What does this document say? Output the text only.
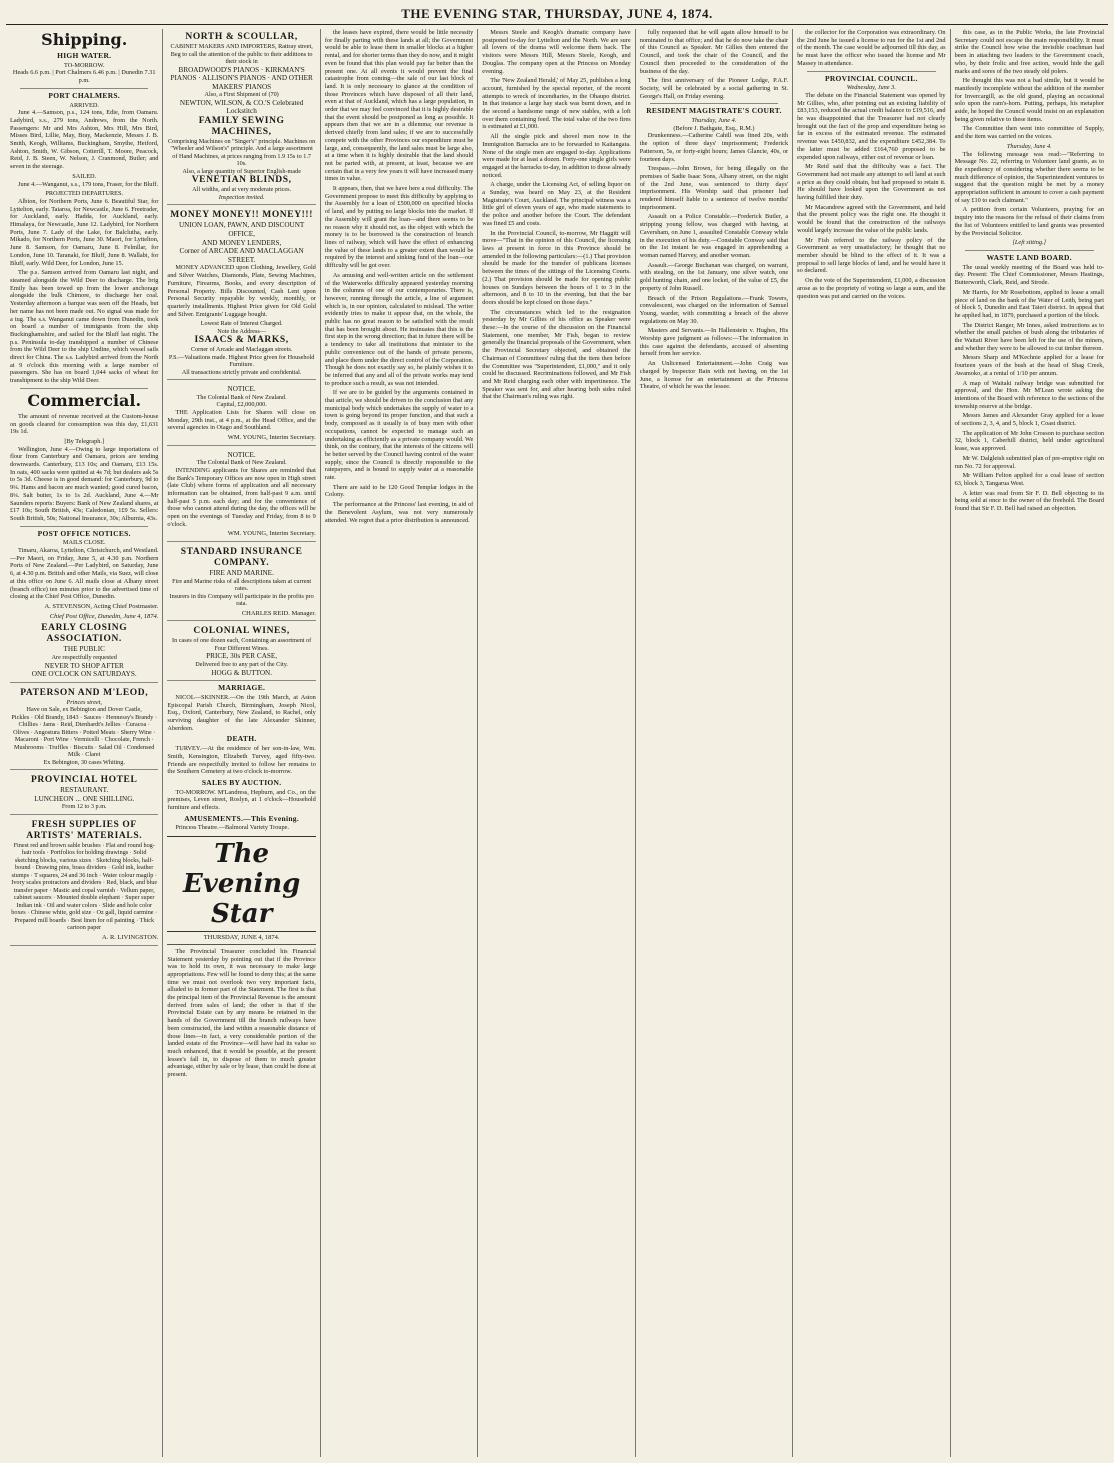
THE EVENING STAR, THURSDAY, JUNE 4, 1874.
Shipping.
HIGH WATER.
TO-MORROW.
Heads 6.6 p.m. | Port Chalmers 6.46 p.m. | Dunedin 7.31 p.m.
PORT CHALMERS.
ARRIVED.

June 4.—Samson, p.s., 124 tons, Edie, from Oamaru. Ladybird, s.s., 279 tons, Andrews, from the North. Passengers: Mr and Mrs Ashton, Mrs Hill, Mrs Bird, Misses Bird, Lillie, May, Bray, Mackenzie, Messrs J. B. Smith, Keogh, Williams, Buckingham, Smythe, Hetford, Ashton, Smith, W. Gibson, Cotterill, T. Moore, Peacock, Reid, J. B. Steen, W. Nelson, J. Cranmond, Butler; and seven in the steerage.

SAILED.

June 4.—Wanganui, s.s., 179 tons, Fraser, for the Bluff.

PROJECTED DEPARTURES.

Albion, for Northern Ports, June 6. Beautiful Star, for Lyttelton, early. Taiaroa, for Newcastle, June 6. Freetrader, for Auckland, early. Hadda, for Auckland, early. Himalaya, for Newcastle, June 12. Ladybird, for Northern Ports, June 7. Lady of the Lake, for Balclutha, early. Mikado, for Northern Ports, June 30. Maori, for Lyttelton, June 8. Samson, for Oamaru, June 8. Felmllar, for London, June 10. Taranaki, for Bluff, June 8. Wallabi, for Bluff, early. Wild Deer, for London, June 15.

The p.s. Samson arrived from Oamaru last night, and steamed alongside the Wild Deer to discharge. The brig Emily has been towed up from the lower anchorage alongside the bulk Chimore, to discharge her coal. Yesterday afternoon a barque was seen off the Heads, but her name has not been made out. No signal was made for a tug. The s.s. Wanganui came down from Dunedin, took on board a number of immigrants from the ship Buckinghamshire, and sailed for the Bluff last night. The p.s. Peninsula to-day transhipped a number of Chinese from the Wild Deer to the ship Undine, which vessel sails direct for China. The s.s. Ladybird arrived from the North at 9 o'clock this morning with a large number of passengers. She has on board 1,044 sacks of wheat for transhipment to the ship Wild Deer.

Commercial.

The amount of revenue received at the Custom-house on goods cleared for consumption was this day, £1,631 19s 1d.

[By Telegraph.]

Wellington, June 4.—Owing to large importations of flour from Canterbury and Oamaru, prices are tending downwards. Canterbury, £13 10s; and Oamaru, £13 15s. In oats, 400 sacks were quitted at 4s 7d; but dealers ask 5s to 5s 3d. Cheese is in good demand: for Canterbury, 9d to 9¼. Hams and bacon are much wanted; good cured bacon, 8¼. Salt butter, 1s to 1s 2d. Auckland, June 4.—Mr Saunders reports: Buyers: Bank of New Zealand shares, at £17 10s; South British, 43s; Caledonian, 1£9 5s. Sellers: South British, 50s; National Insurance, 30s; Alburnia, 43s.

POST OFFICE NOTICES.
MAILS CLOSE.

Timaru, Akaroa, Lyttelton, Christchurch, and Westland.—Per Maori, on Friday, June 5, at 4.30 p.m. Northern Ports of New Zealand.—Per Ladybird, on Saturday, June 6, at 4.30 p.m. British and other Mails, via Suez, will close at this office on June 6. All mails close at Albany street (branch office) ten minutes prior to the advertised time of closing at the Chief Post Office, Dunedin.

A. STEVENSON, Acting Chief Postmaster.
Chief Post Office, Dunedin, June 4, 1874.
EARLY CLOSING ASSOCIATION.
THE PUBLIC
Are respectfully requested
NEVER TO SHOP AFTER
ONE O'CLOCK ON SATURDAYS.
PATERSON AND M'LEOD,
Princes street,
Have on Sale, ex Bebington and Dover Castle,
Pickles · Old Brandy, 1843 · Sauces · Hennessy's Brandy · Chillies · Jams · Reid, Dienhardt's Jellies · Curacoa · Olives · Angostura Bitters · Potted Meats · Sherry Wine · Macaroni · Port Wine · Vermicelli · Chocolate, French · Mushrooms · Truffles · Biscuits · Salad Oil · Condensed Milk · Claret
Ex Bebington, 30 cases Whiting.
PROVINCIAL HOTEL
RESTAURANT.
LUNCHEON ... ONE SHILLING.
From 12 to 3 p.m.
FRESH SUPPLIES OF ARTISTS' MATERIALS.
Finest red and brown sable brushes · Flat and round hog-hair tools · Portfolios for holding drawings · Solid sketching blocks, various sizes · Sketching blocks, half-bound · Drawing pins, brass dividers · Gold ink, leather stumps · T squares, 24 and 36 inch · Water colour magilp · Ivory scales protractors and dividers · Red, black, and blue transfer paper · Mastic and copal varnish · Vellum paper, cabinet saucers · Mounted double elephant · Super super Indian ink · Oil and water colors · Slide and hole color boxes · Chinese white, gold size · Oz gall, liquid carmine · Prepared mill boards · Best linen for oil painting · Thick cartoon paper
A. R. LIVINGSTON.
NORTH & SCOULLAR,
CABINET MAKERS AND IMPORTERS, Rattray street,
Beg to call the attention of the public to their additions to their stock in
BROADWOOD'S PIANOS · KIRKMAN'S PIANOS · ALLISON'S PIANOS · AND OTHER MAKERS' PIANOS
Also, a First Shipment of (70)
NEWTON, WILSON, & CO.'S Celebrated Lockstitch
FAMILY SEWING MACHINES,
Comprising Machines on "Singer's" principle. Machines on "Wheeler and Wilson's" principle. And a large assortment of Hand Machines, at prices ranging from 1.9 15s to 1.7 10s.
Also, a large quantity of Superior English-made
VENETIAN BLINDS,
All widths, and at very moderate prices.
Inspection invited.
MONEY MONEY!! MONEY!!!
UNION LOAN, PAWN, AND DISCOUNT OFFICE,
AND MONEY LENDERS,
Corner of ARCADE AND MACLAGGAN STREET.

MONEY ADVANCED upon Clothing, Jewellery, Gold and Silver Watches, Diamonds, Plate, Sewing Machines, Furniture, Firearms, Books, and every description of Personal Property. Bills Discounted, Cash Lent upon Personal Security repayable by weekly, monthly, or quarterly installments. Highest Price given for Old Gold and Silver. Emigrants' Luggage bought.

Lowest Rate of Interest Charged.
Note the Address—
ISAACS & MARKS,
Corner of Arcade and Maclaggan streets.
P.S.—Valuations made. Highest Price given for Household Furniture.
All transactions strictly private and confidential.
NOTICE.
The Colonial Bank of New Zealand.
Capital, £2,000,000.

THE Application Lists for Shares will close on Monday, 29th inst., at 4 p.m., at the Head Office, and the several agencies in Otago and Southland.

WM. YOUNG, Interim Secretary.
NOTICE.
The Colonial Bank of New Zealand.

INTENDING applicants for Shares are reminded that the Bank's Temporary Offices are now open in High street (late Club) where forms of application and all necessary information can be obtained, from half-past 9 a.m. until half-past 5 p.m. each day; and for the convenience of those who cannot attend during the day, the offices will be open on the evenings of Tuesday and Friday, from 8 to 9 o'clock.

WM. YOUNG, Interim Secretary.
STANDARD INSURANCE COMPANY.
FIRE AND MARINE.
Fire and Marine risks of all descriptions taken at current rates.
Insurers in this Company will participate in the profits pro rata.
CHARLES REID. Manager.
COLONIAL WINES,
In cases of one dozen each, Containing an assortment of Four Different Wines.
PRICE, 30s PER CASE,
Delivered free to any part of the City.
HOGG & BUTTON.
MARRIAGE.

NICOL—SKINNER.—On the 19th March, at Aston Episcopal Parish Church, Birmingham, Joseph Nicol, Esq., Oxford, Canterbury, New Zealand, to Rachel, only surviving daughter of the late Alexander Skinner, Aberdeen.

DEATH.

TURVEY.—At the residence of her son-in-law, Wm. Smith, Kensington, Elizabeth Turvey, aged fifty-two. Friends are respectfully invited to follow her remains to the Southern Cemetery at two o'clock to-morrow.

SALES BY AUCTION.

TO-MORROW. M'Landress, Hepburn, and Co., on the premises, Leven street, Roslyn, at 1 o'clock—Household furniture and effects.

AMUSEMENTS.—This Evening.

Princess Theatre.—Balmoral Variety Troupe.

The Evening Star
THURSDAY, JUNE 4, 1874.

The Provincial Treasurer concluded his Financial Statement yesterday by pointing out that if the Province was to hold its own, it was necessary to make large appropriations. Few will be found to deny this; at the same time we must not overlook two very important facts, alluded to in former part of the Statement. The first is that the principal item of the Provincial Revenue is the amount derived from sales of land; the other is that if the Provincial Estate can by any means be retained in the hands of the Government till the branch railways have been constructed, the land within a reasonable distance of those lines—in fact, a very considerable portion of the landed estate of the Province—will have had its value so much enhanced, that it would be possible, at the present lessee's fall in, to dispose of them to much greater advantage, either by sale or by lease, than could be done at present.

the leases have expired, there would be little necessity for finally parting with these lands at all; the Government would be able to lease them in smaller blocks at a higher rental, and for shorter terms than they do now, and it might even be found that this plan would pay far better than the present one. At all events it would prevent the final catastrophe from coming—the sale of our last block of land. It is only necessary to glance at the condition of those Provinces which have disposed of all their land, even at that of Auckland, which has a large population, in order that we may feel convinced that it is highly desirable that the event should be postponed as long as possible. It appears then that we are in a dilemma; our revenue is derived chiefly from land sales; if we are to successfully compete with the other Provinces our expenditure must be large, and, consequently, the land sales must be large also, at a time when it is highly desirable that the land should not be parted with, at present, at least, because we are certain that in a very few years it will have increased many times in value.

It appears, then, that we have here a real difficulty. The Government propose to meet this difficulty by applying to the Assembly for a loan of £500,000 on specified blocks of land, and by putting no large blocks into the market. If the Assembly will grant the loan—and there seems to be no reason why it should not, as the object with which the money is to be borrowed is the construction of branch lines of railway, which will have the effect of enhancing the value of these lands to a greater extent than would be required by the interest and sinking fund of the loan—our difficulty will be got over.

As amusing and well-written article on the settlement of the Waterworks difficulty appeared yesterday morning in the columns of one of our contemporaries. There is, however, running through the article, a line of argument which is, in our opinion, calculated to mislead. The writer evidently tries to make it appear that, on the whole, the public has no great reason to be satisfied with the result that has been brought about. He insinuates that this is the first step in the wrong direction; that in future there will be a tendency to take all institutions that minister to the public convenience out of the hands of private persons, and place them under the direct control of the Corporation. Though he does not exactly say so, he plainly wishes it to be inferred that any and all of the private works may tend to produce such a result, as was not intended.

If we are to be guided by the arguments contained in that article, we should be driven to the conclusion that any municipal body which undertakes the supply of water to a town is going beyond its proper function, and that such a body, composed as it usually is of busy men with other occupations, cannot be expected to manage such an undertaking as efficiently as a private company would. We think, on the contrary, that the interests of the citizens will be better served by the Council having control of the water supply, since the Council is directly responsible to the ratepayers, and is bound to supply water at a reasonable rate.

There are said to be 120 Good Templar lodges in the Colony.

The performance at the Princess' last evening, in aid of the Benevolent Asylum, was not very numerously attended. We regret that a prior distribution is announced.

Messrs Steele and Keogh's dramatic company have postponed to-day for Lyttelton and the North. We are sure all lovers of the drama will welcome them back. The visitors were Messrs Hill, Messrs Steele, Keogh, and Douglas. The company open at the Princess on Monday evening.

The 'New Zealand Herald,' of May 25, publishes a long account, furnished by the special reporter, of the recent attempts to wreck of incendiaries, in the Ohaupo district. In that instance a large hay stack was burnt down, and in the second a handsome range of new stables, with a loft over them containing feed. The total value of the two fires is estimated at £1,000.

All the single pick and shovel men now in the Immigration Barracks are to be forwarded to Kaitangata. None of the single men are engaged to-day. Applications were made for at least a dozen. Forty-one single girls were engaged at the barracks to-day, in addition to those already noticed.

A charge, under the Licensing Act, of selling liquor on a Sunday, was heard on May 23, at the Resident Magistrate's Court, Auckland. The principal witness was a little girl of eleven years of age, who made statements to the police and another before the Court. The defendant was fined £5 and costs.

In the Provincial Council, to-morrow, Mr Haggitt will move—"That in the opinion of this Council, the licensing laws at present in force in this Province should be amended in the following particulars:—(1.) That provision should be made for the transfer of publicans licenses between the times of the sittings of the Licensing Courts. (2.) That provision should be made for opening public houses on Sundays between the hours of 1 to 3 in the afternoon, and 8 to 10 in the evening, but that the bar doors should be kept closed on those days."

The circumstances which led to the resignation yesterday by Mr Gillies of his office as Speaker were these:—In the course of the discussion on the Financial Statement, one member, Mr Fish, began to review generally the financial proposals of the Government, when the Provincial Secretary objected, and obtained the Chairman of Committees' ruling that the item then before the Committee was "Superintendent, £1,000," and it only could be discussed. Recriminations followed, and Mr Fish and Mr Reid charging each other with impertinence. The Speaker was sent for, and after hearing both sides ruled that the Chairman's ruling was right.

fully requested that he will again allow himself to be nominated to that office; and that he do now take the chair of this Council as Speaker. Mr Gillies then entered the Council, and took the chair of the Council, and the Council then proceeded to the consideration of the business of the day.

The first anniversary of the Pioneer Lodge, P.A.F. Society, will be celebrated by a social gathering in St. George's Hall, on Friday evening.

RESIDENT MAGISTRATE'S COURT.
Thursday, June 4.
(Before J. Bathgate, Esq., R.M.)

Drunkenness.—Catherine Cahill was fined 20s, with the option of three days' imprisonment; Frederick Patterson, 5s, or forty-eight hours; James Glancie, 40s, or fourteen days.

Trespass.—John Brown, for being illegally on the premises of Sadie Isaac Sons, Albany street, on the night of the 2nd June, was sentenced to thirty days' imprisonment. His Worship said that prisoner had rendered himself liable to a sentence of twelve months' imprisonment.

Assault on a Police Constable.—Frederick Butler, a stripping young fellow, was charged with having, at Caversham, on June 1, assaulted Constable Conway while in the execution of his duty.—Constable Conway said that on the 1st instant he was engaged in apprehending a woman named Harvey, and another woman.

Assault.—George Buchanan was charged, on warrant, with stealing, on the 1st January, one silver watch, one gold hunting chain, and one locket, of the value of £5, the property of John Russell.

Breach of the Prison Regulations.—Frank Towers, convalescent, was charged on the information of Samuel Young, warder, with committing a breach of the above regulations on May 30.

Masters and Servants.—In Hallenstein v. Hughes, His Worship gave judgment as follows:—The information in this case against the defendants, accused of absenting herself from her service.

An Unlicensed Entertainment.—John Craig was charged by Inspector Bain with not having, on the 1st June, a license for an entertainment at the Princess Theatre, of which he was the lessee.

the collector for the Corporation was extraordinary. On the 2nd June he issued a license to run for the 1st and 2nd of the month. The case would be adjourned till this day, as he must have the officer who issued the license and Mr Massey in attendance.

PROVINCIAL COUNCIL.
Wednesday, June 3.

The debate on the Financial Statement was opened by Mr Gillies, who, after pointing out an existing liability of £83,153, reduced the actual credit balance to £19,516, and he was disappointed that the Treasurer had not clearly brought out the fact of the prop and expenditure being so far in excess of the estimated revenue. The estimated revenue was £450,832, and the expenditure £452,384. To the latter must be added £164,760 proposed to be expended upon railways, either out of revenue or loan.

Mr Reid said that the difficulty was a fact. The Government had not made any attempt to sell land at such a price as they could obtain, but had proposed to retain it. He should have looked upon the Government as not having fulfilled their duty.

Mr Macandrew agreed with the Government, and held that the present policy was the right one. He thought it would be found that the construction of the railways would largely increase the value of the public lands.

Mr Fish referred to the railway policy of the Government as very unsatisfactory; he thought that no member should be blind to the effect of it. It was a proposal to sell large blocks of land, and he would have it so declared.

On the vote of the Superintendent, £1,000, a discussion arose as to the propriety of voting so large a sum, and the question was put and carried on the voices.

this case, as in the Public Works, the late Provincial Secretary could not escape the main responsibility. It must strike the Council how wise the invisible coachman had been in attaching two leaders to the Government coach, who, by their frolic and free action, would hide the gall marks and sores of the two steady old polers.

He thought this was not a bad simile, but it would be manifestly incomplete without the addition of the member for Invercargill, as the old grand, playing an occasional solo upon the ram's-horn. Putting, perhaps, his metaphor aside, he hoped the Council would insist on an explanation being given relative to these items.

The Committee then went into committee of Supply, and the item was carried on the voices.

Thursday, June 4.

The following message was read:—"Referring to Message No. 22, referring to Volunteer land grants, as to the expediency of considering whether there seems to be much difference of opinion, the Superintendent ventures to suggest that the question might be met by a money appropriation sufficient in amount to cover a cash payment of say £10 to each claimant."

A petition from certain Volunteers, praying for an inquiry into the reasons for the refusal of their claims from the list of Volunteers entitled to land grants was presented by the Provincial Solicitor.

[Left sitting.]
WASTE LAND BOARD.

The usual weekly meeting of the Board was held to-day. Present: The Chief Commissioner, Messrs Hastings, Butterworth, Clark, Reid, and Strode.

Mr Harris, for Mr Rosebottom, applied to lease a small piece of land on the bank of the Water of Leith, being part of block 5, Dunedin and East Taieri district. In appeal that he applied had, in 1879, purchased a portion of the block.

The District Ranger, Mr Innes, asked instructions as to whether the small patches of bush along the tributaries of the Waitati River have been left for the use of the miners, and whether they were to be allowed to cut timber thereon.

Messrs Sharp and M'Kechnie applied for a lease for fourteen years of the bush at the head of Shag Creek, Awamoko, at a rental of 1/10 per annum.

A map of Waitaki railway bridge was submitted for approval, and the Hon. Mr M'Lean wrote asking the intentions of the Board with reference to the sections of the township reserve at the bridge.

Messrs James and Alexander Gray applied for a lease of sections 2, 3, 4, and 5, block 1, Coast district.

The application of Mr John Crosson to purchase section 32, block 1, Caberhill district, held under agricultural lease, was approved.

Mr W. Dalgleish submitted plan of pre-emptive right on run No. 72 for approval.

Mr William Felton applied for a coal lease of section 63, block 3, Tangarua West.

A letter was read from Sir F. D. Bell objecting to its being sold at once to the owner of the freehold. The Board found that Sir F. D. Bell had raised an objection.
